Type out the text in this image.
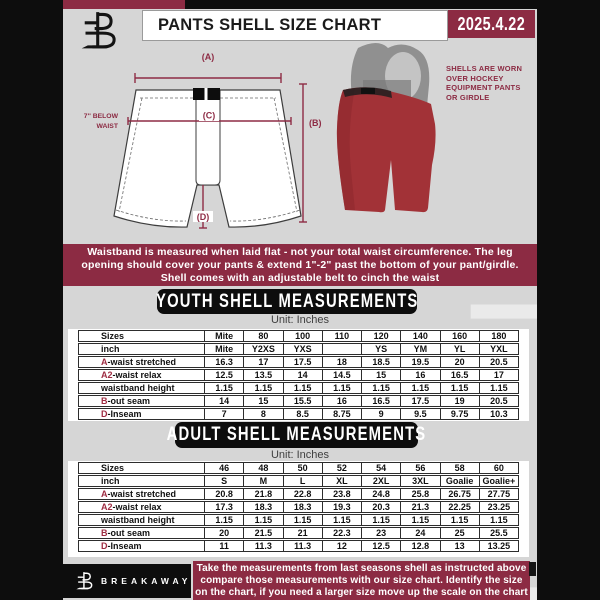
PANTS SHELL SIZE CHART	2025.4.22
(A)
(C)
(D)
(B)
7'' BELOW
WAIST
SHELLS ARE WORN
OVER HOCKEY
EQUIPMENT PANTS
OR GIRDLE
Waistband is measured when laid flat - not your total waist circumference. The leg
opening should cover your pants & extend 1"-2" past the bottom of your pant/girdle.
Shell comes with an adjustable belt to cinch the waist
YOUTH SHELL MEASUREMENTS
Unit: Inches
Sizes	Mite	80	100	110	120	140	160	180
inch	Mite	Y2XS	YXS		YS	YM	YL	YXL
A-waist stretched	16.3	17	17.5	18	18.5	19.5	20	20.5
A2-waist relax	12.5	13.5	14	14.5	15	16	16.5	17
waistband height	1.15	1.15	1.15	1.15	1.15	1.15	1.15	1.15
B-out seam	14	15	15.5	16	16.5	17.5	19	20.5
D-Inseam	7	8	8.5	8.75	9	9.5	9.75	10.3
ADULT SHELL MEASUREMENTS
Unit: Inches
Sizes	46	48	50	52	54	56	58	60
inch	S	M	L	XL	2XL	3XL	Goalie	Goalie+
A-waist stretched	20.8	21.8	22.8	23.8	24.8	25.8	26.75	27.75
A2-waist relax	17.3	18.3	18.3	19.3	20.3	21.3	22.25	23.25
waistband height	1.15	1.15	1.15	1.15	1.15	1.15	1.15	1.15
B-out seam	20	21.5	21	22.3	23	24	25	25.5
D-Inseam	11	11.3	11.3	12	12.5	12.8	13	13.25
BREAKAWAY
Take the measurements from last seasons shell as instructed above
compare those measurements with our size chart. Identify the size
on the chart, if you need a larger size move up the scale on the chart
